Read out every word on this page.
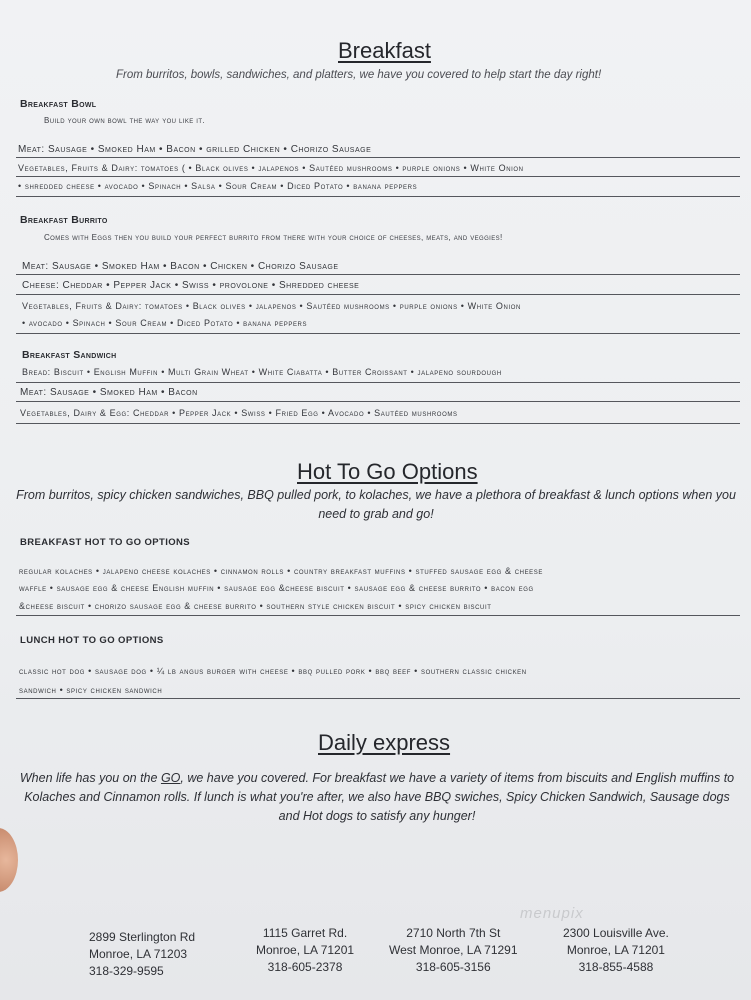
Breakfast
From burritos, bowls, sandwiches, and platters, we have you covered to help start the day right!
Breakfast Bowl
Build your own bowl the way you like it.
Meat: Sausage • Smoked Ham • Bacon • grilled Chicken • Chorizo Sausage
Vegetables, Fruits & Dairy: tomatoes ( • Black olives • jalapenos • Sautéed mushrooms • purple onions • White Onion
• shredded cheese • avocado • Spinach • Salsa • Sour Cream • Diced Potato • banana peppers
Breakfast Burrito
Comes with Eggs then you build your perfect burrito from there with your choice of cheeses, meats, and veggies!
Meat: Sausage • Smoked Ham • Bacon • Chicken • Chorizo Sausage
Cheese: Cheddar • Pepper Jack • Swiss • provolone • Shredded cheese
Vegetables, Fruits & Dairy: tomatoes • Black olives • jalapenos • Sautéed mushrooms • purple onions • White Onion
• avocado • Spinach • Sour Cream • Diced Potato • banana peppers
Breakfast Sandwich
Bread: Biscuit • English Muffin • Multi Grain Wheat • White Ciabatta • Butter Croissant • jalapeno sourdough
Meat: Sausage • Smoked Ham • Bacon
Vegetables, Dairy & Egg: Cheddar • Pepper Jack • Swiss • Fried Egg • Avocado • Sautéed mushrooms
Hot To Go Options
From burritos, spicy chicken sandwiches, BBQ pulled pork, to kolaches, we have a plethora of breakfast & lunch options when you need to grab and go!
BREAKFAST HOT TO GO OPTIONS
regular kolaches • jalapeno cheese kolaches • cinnamon rolls • country breakfast muffins • stuffed sausage egg & cheese
waffle • sausage egg & cheese English muffin • sausage egg &cheese biscuit • sausage egg & cheese burrito • bacon egg
&cheese biscuit • chorizo sausage egg & cheese burrito • southern style chicken biscuit • spicy chicken biscuit
LUNCH HOT TO GO OPTIONS
classic hot dog • sausage dog • ¼ lb angus burger with cheese • bbq pulled pork • bbq beef • southern classic chicken
sandwich • spicy chicken sandwich
Daily express
When life has you on the GO, we have you covered. For breakfast we have a variety of items from biscuits and English muffins to Kolaches and Cinnamon rolls. If lunch is what you're after, we also have BBQ swiches, Spicy Chicken Sandwich, Sausage dogs and Hot dogs to satisfy any hunger!
menupix
2899 Sterlington Rd
Monroe, LA 71203
318-329-9595
1115 Garret Rd.
Monroe, LA 71201
318-605-2378
2710 North 7th St
West Monroe, LA 71291
318-605-3156
2300 Louisville Ave.
Monroe, LA 71201
318-855-4588
